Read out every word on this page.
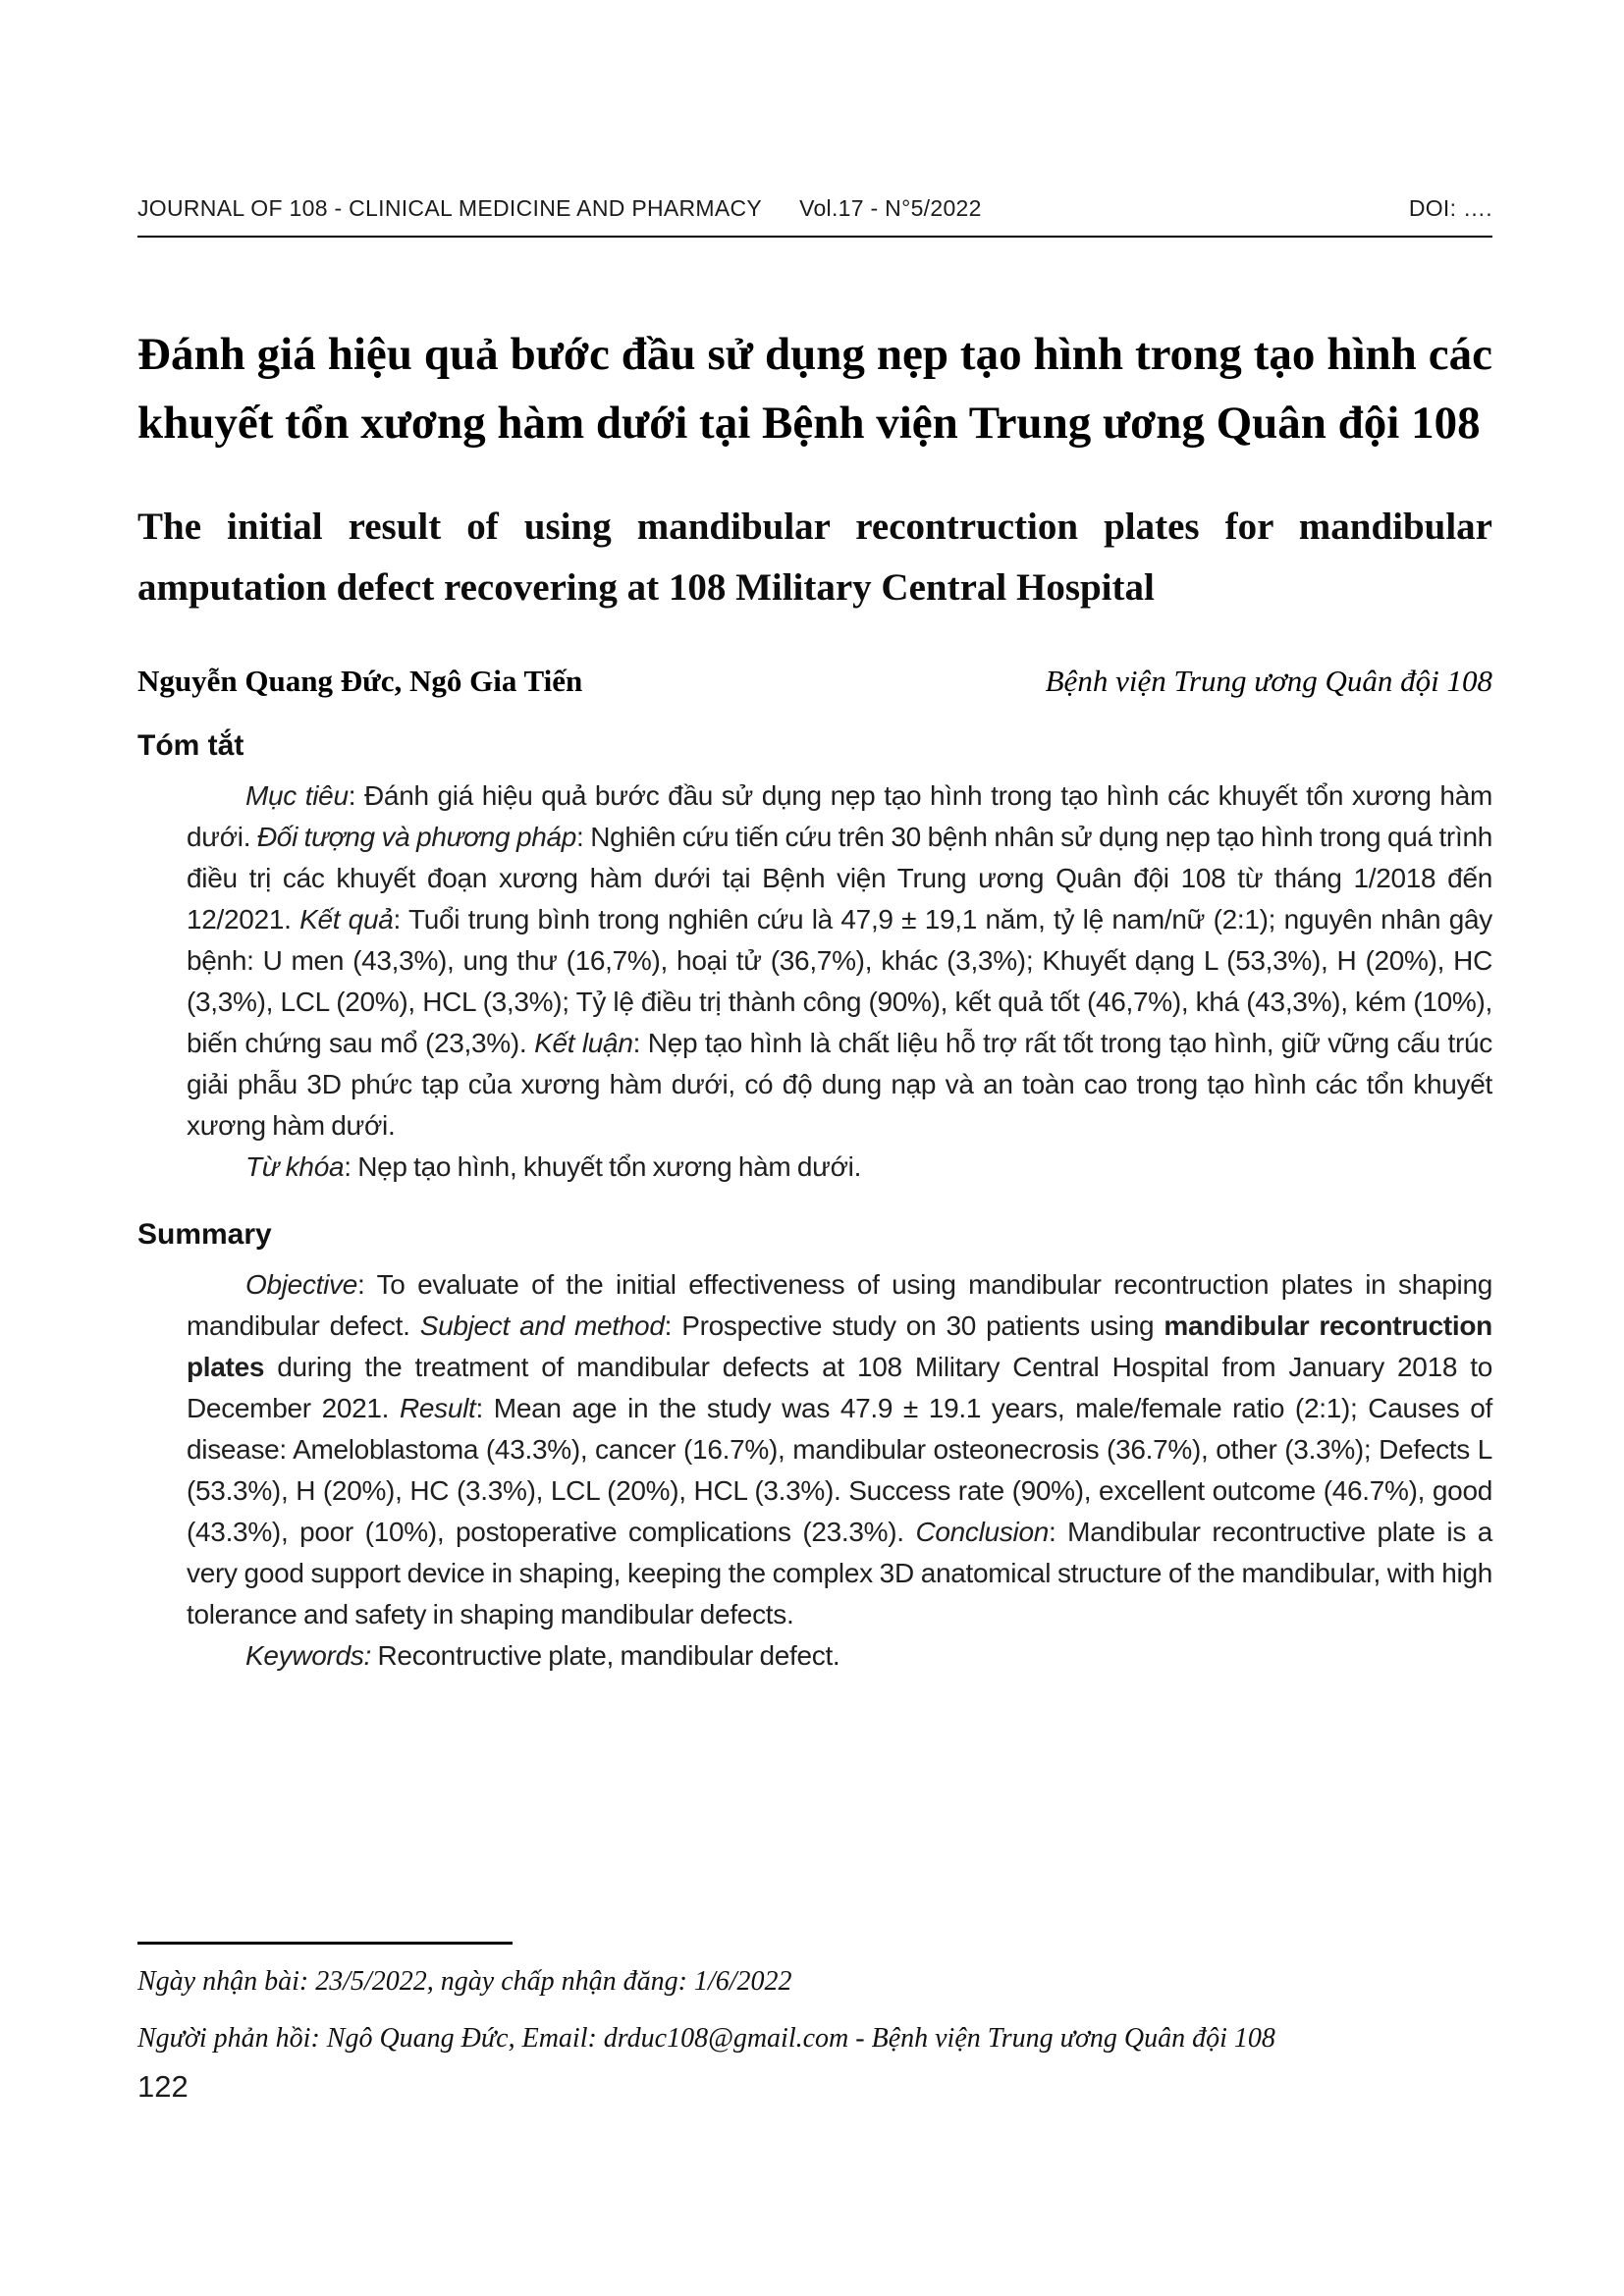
JOURNAL OF 108 - CLINICAL MEDICINE AND PHARMACY Vol.17 - N°5/2022	DOI: ….
Đánh giá hiệu quả bước đầu sử dụng nẹp tạo hình trong tạo hình các khuyết tổn xương hàm dưới tại Bệnh viện Trung ương Quân đội 108
The initial result of using mandibular recontruction plates for mandibular amputation defect recovering at 108 Military Central Hospital
Nguyễn Quang Đức, Ngô Gia Tiến	Bệnh viện Trung ương Quân đội 108
Tóm tắt

Mục tiêu: Đánh giá hiệu quả bước đầu sử dụng nẹp tạo hình trong tạo hình các khuyết tổn xương hàm dưới. Đối tượng và phương pháp: Nghiên cứu tiến cứu trên 30 bệnh nhân sử dụng nẹp tạo hình trong quá trình điều trị các khuyết đoạn xương hàm dưới tại Bệnh viện Trung ương Quân đội 108 từ tháng 1/2018 đến 12/2021. Kết quả: Tuổi trung bình trong nghiên cứu là 47,9 ± 19,1 năm, tỷ lệ nam/nữ (2:1); nguyên nhân gây bệnh: U men (43,3%), ung thư (16,7%), hoại tử (36,7%), khác (3,3%); Khuyết dạng L (53,3%), H (20%), HC (3,3%), LCL (20%), HCL (3,3%); Tỷ lệ điều trị thành công (90%), kết quả tốt (46,7%), khá (43,3%), kém (10%), biến chứng sau mổ (23,3%). Kết luận: Nẹp tạo hình là chất liệu hỗ trợ rất tốt trong tạo hình, giữ vững cấu trúc giải phẫu 3D phức tạp của xương hàm dưới, có độ dung nạp và an toàn cao trong tạo hình các tổn khuyết xương hàm dưới.

Từ khóa: Nẹp tạo hình, khuyết tổn xương hàm dưới.

Summary

Objective: To evaluate of the initial effectiveness of using mandibular recontruction plates in shaping mandibular defect. Subject and method: Prospective study on 30 patients using mandibular recontruction plates during the treatment of mandibular defects at 108 Military Central Hospital from January 2018 to December 2021. Result: Mean age in the study was 47.9 ± 19.1 years, male/female ratio (2:1); Causes of disease: Ameloblastoma (43.3%), cancer (16.7%), mandibular osteonecrosis (36.7%), other (3.3%); Defects L (53.3%), H (20%), HC (3.3%), LCL (20%), HCL (3.3%). Success rate (90%), excellent outcome (46.7%), good (43.3%), poor (10%), postoperative complications (23.3%). Conclusion: Mandibular recontructive plate is a very good support device in shaping, keeping the complex 3D anatomical structure of the mandibular, with high tolerance and safety in shaping mandibular defects.

Keywords: Recontructive plate, mandibular defect.

Ngày nhận bài: 23/5/2022, ngày chấp nhận đăng: 1/6/2022

Người phản hồi: Ngô Quang Đức, Email: drduc108@gmail.com - Bệnh viện Trung ương Quân đội 108

122
